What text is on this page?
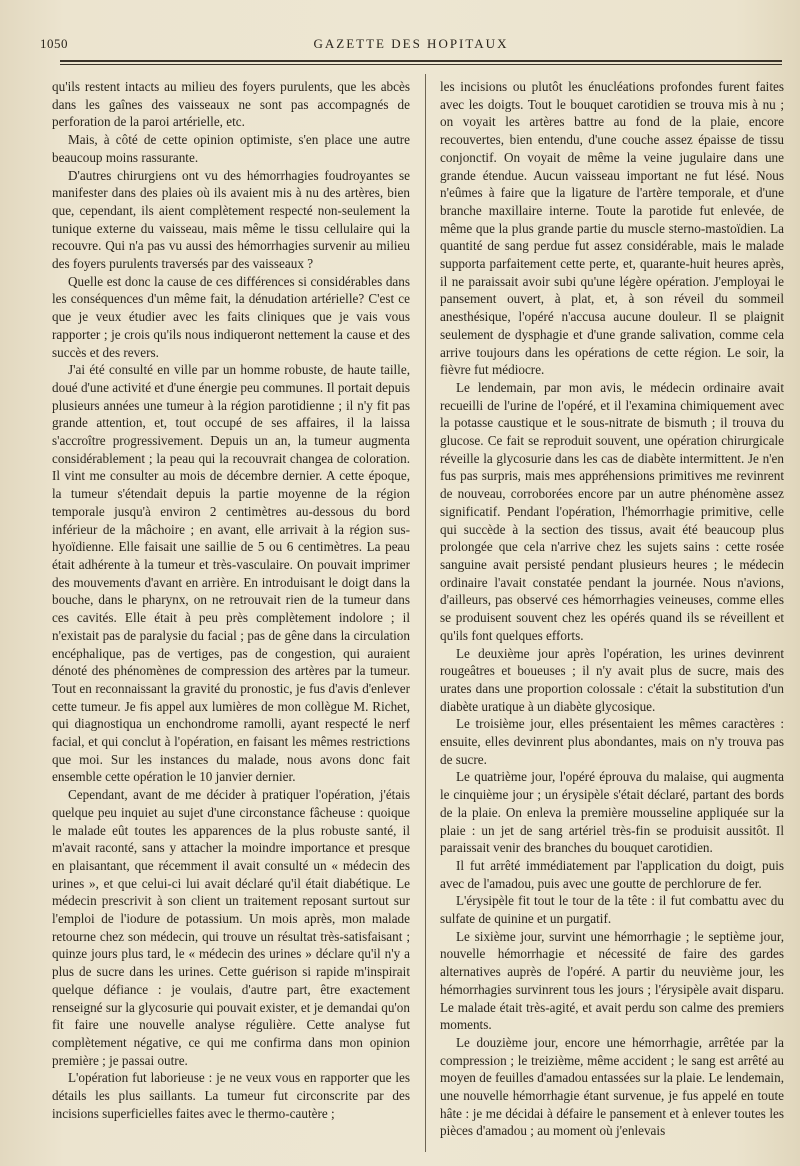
1050	GAZETTE DES HOPITAUX

qu'ils restent intacts au milieu des foyers purulents, que les abcès dans les gaînes des vaisseaux ne sont pas accompagnés de perforation de la paroi artérielle, etc.

Mais, à côté de cette opinion optimiste, s'en place une autre beaucoup moins rassurante.

D'autres chirurgiens ont vu des hémorrhagies foudroyantes se manifester dans des plaies où ils avaient mis à nu des artères, bien que, cependant, ils aient complètement respecté non-seulement la tunique externe du vaisseau, mais même le tissu cellulaire qui la recouvre. Qui n'a pas vu aussi des hémorrhagies survenir au milieu des foyers purulents traversés par des vaisseaux ?

Quelle est donc la cause de ces différences si considérables dans les conséquences d'un même fait, la dénudation artérielle? C'est ce que je veux étudier avec les faits cliniques que je vais vous rapporter ; je crois qu'ils nous indiqueront nettement la cause et des succès et des revers.

J'ai été consulté en ville par un homme robuste, de haute taille, doué d'une activité et d'une énergie peu communes. Il portait depuis plusieurs années une tumeur à la région parotidienne ; il n'y fit pas grande attention, et, tout occupé de ses affaires, il la laissa s'accroître progressivement. Depuis un an, la tumeur augmenta considérablement ; la peau qui la recouvrait changea de coloration. Il vint me consulter au mois de décembre dernier. A cette époque, la tumeur s'étendait depuis la partie moyenne de la région temporale jusqu'à environ 2 centimètres au-dessous du bord inférieur de la mâchoire ; en avant, elle arrivait à la région sus-hyoïdienne. Elle faisait une saillie de 5 ou 6 centimètres. La peau était adhérente à la tumeur et très-vasculaire. On pouvait imprimer des mouvements d'avant en arrière. En introduisant le doigt dans la bouche, dans le pharynx, on ne retrouvait rien de la tumeur dans ces cavités. Elle était à peu près complètement indolore ; il n'existait pas de paralysie du facial ; pas de gêne dans la circulation encéphalique, pas de vertiges, pas de congestion, qui auraient dénoté des phénomènes de compression des artères par la tumeur. Tout en reconnaissant la gravité du pronostic, je fus d'avis d'enlever cette tumeur. Je fis appel aux lumières de mon collègue M. Richet, qui diagnostiqua un enchondrome ramolli, ayant respecté le nerf facial, et qui conclut à l'opération, en faisant les mêmes restrictions que moi. Sur les instances du malade, nous avons donc fait ensemble cette opération le 10 janvier dernier.

Cependant, avant de me décider à pratiquer l'opération, j'étais quelque peu inquiet au sujet d'une circonstance fâcheuse : quoique le malade eût toutes les apparences de la plus robuste santé, il m'avait raconté, sans y attacher la moindre importance et presque en plaisantant, que récemment il avait consulté un « médecin des urines », et que celui-ci lui avait déclaré qu'il était diabétique. Le médecin prescrivit à son client un traitement reposant surtout sur l'emploi de l'iodure de potassium. Un mois après, mon malade retourne chez son médecin, qui trouve un résultat très-satisfaisant ; quinze jours plus tard, le « médecin des urines » déclare qu'il n'y a plus de sucre dans les urines. Cette guérison si rapide m'inspirait quelque défiance : je voulais, d'autre part, être exactement renseigné sur la glycosurie qui pouvait exister, et je demandai qu'on fit faire une nouvelle analyse régulière. Cette analyse fut complètement négative, ce qui me confirma dans mon opinion première ; je passai outre.

L'opération fut laborieuse : je ne veux vous en rapporter que les détails les plus saillants. La tumeur fut circonscrite par des incisions superficielles faites avec le thermo-cautère ;

les incisions ou plutôt les énucléations profondes furent faites avec les doigts. Tout le bouquet carotidien se trouva mis à nu ; on voyait les artères battre au fond de la plaie, encore recouvertes, bien entendu, d'une couche assez épaisse de tissu conjonctif. On voyait de même la veine jugulaire dans une grande étendue. Aucun vaisseau important ne fut lésé. Nous n'eûmes à faire que la ligature de l'artère temporale, et d'une branche maxillaire interne. Toute la parotide fut enlevée, de même que la plus grande partie du muscle sterno-mastoïdien. La quantité de sang perdue fut assez considérable, mais le malade supporta parfaitement cette perte, et, quarante-huit heures après, il ne paraissait avoir subi qu'une légère opération. J'employai le pansement ouvert, à plat, et, à son réveil du sommeil anesthésique, l'opéré n'accusa aucune douleur. Il se plaignit seulement de dysphagie et d'une grande salivation, comme cela arrive toujours dans les opérations de cette région. Le soir, la fièvre fut médiocre.

Le lendemain, par mon avis, le médecin ordinaire avait recueilli de l'urine de l'opéré, et il l'examina chimiquement avec la potasse caustique et le sous-nitrate de bismuth ; il trouva du glucose. Ce fait se reproduit souvent, une opération chirurgicale réveille la glycosurie dans les cas de diabète intermittent. Je n'en fus pas surpris, mais mes appréhensions primitives me revinrent de nouveau, corroborées encore par un autre phénomène assez significatif. Pendant l'opération, l'hémorrhagie primitive, celle qui succède à la section des tissus, avait été beaucoup plus prolongée que cela n'arrive chez les sujets sains : cette rosée sanguine avait persisté pendant plusieurs heures ; le médecin ordinaire l'avait constatée pendant la journée. Nous n'avions, d'ailleurs, pas observé ces hémorrhagies veineuses, comme elles se produisent souvent chez les opérés quand ils se réveillent et qu'ils font quelques efforts.

Le deuxième jour après l'opération, les urines devinrent rougeâtres et boueuses ; il n'y avait plus de sucre, mais des urates dans une proportion colossale : c'était la substitution d'un diabète uratique à un diabète glycosique.

Le troisième jour, elles présentaient les mêmes caractères : ensuite, elles devinrent plus abondantes, mais on n'y trouva pas de sucre.

Le quatrième jour, l'opéré éprouva du malaise, qui augmenta le cinquième jour ; un érysipèle s'était déclaré, partant des bords de la plaie. On enleva la première mousseline appliquée sur la plaie : un jet de sang artériel très-fin se produisit aussitôt. Il paraissait venir des branches du bouquet carotidien.

Il fut arrêté immédiatement par l'application du doigt, puis avec de l'amadou, puis avec une goutte de perchlorure de fer.

L'érysipèle fit tout le tour de la tête : il fut combattu avec du sulfate de quinine et un purgatif.

Le sixième jour, survint une hémorrhagie ; le septième jour, nouvelle hémorrhagie et nécessité de faire des gardes alternatives auprès de l'opéré. A partir du neuvième jour, les hémorrhagies survinrent tous les jours ; l'érysipèle avait disparu. Le malade était très-agité, et avait perdu son calme des premiers moments.

Le douzième jour, encore une hémorrhagie, arrêtée par la compression ; le treizième, même accident ; le sang est arrêté au moyen de feuilles d'amadou entassées sur la plaie. Le lendemain, une nouvelle hémorrhagie étant survenue, je fus appelé en toute hâte : je me décidai à défaire le pansement et à enlever toutes les pièces d'amadou ; au moment où j'enlevais
